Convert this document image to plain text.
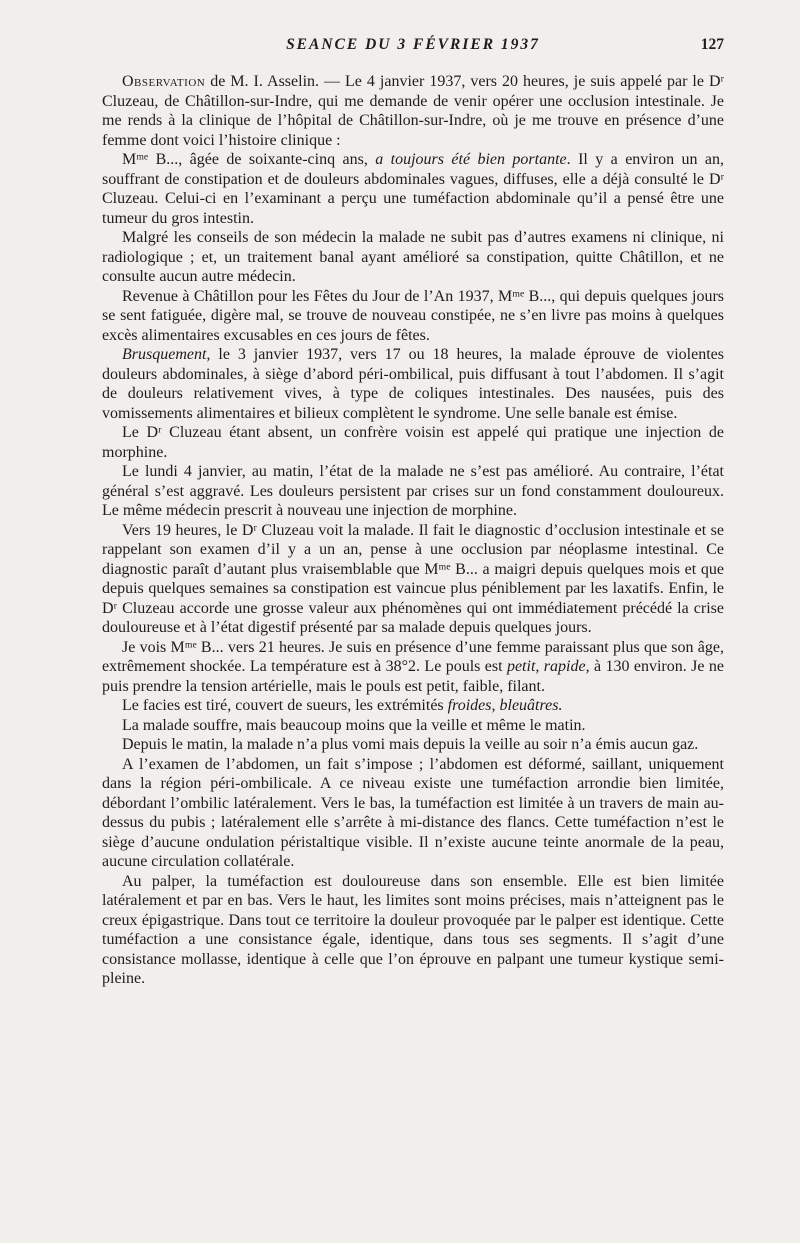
SEANCE DU 3 FÉVRIER 1937	127

Observation de M. I. Asselin. — Le 4 janvier 1937, vers 20 heures, je suis appelé par le Dʳ Cluzeau, de Châtillon-sur-Indre, qui me demande de venir opérer une occlusion intestinale. Je me rends à la clinique de l’hôpital de Châtillon-sur-Indre, où je me trouve en présence d’une femme dont voici l’histoire clinique :

Mᵐᵉ B..., âgée de soixante-cinq ans, a toujours été bien portante. Il y a environ un an, souffrant de constipation et de douleurs abdominales vagues, diffuses, elle a déjà consulté le Dʳ Cluzeau. Celui-ci en l’examinant a perçu une tuméfaction abdominale qu’il a pensé être une tumeur du gros intestin.

Malgré les conseils de son médecin la malade ne subit pas d’autres examens ni clinique, ni radiologique ; et, un traitement banal ayant amélioré sa constipation, quitte Châtillon, et ne consulte aucun autre médecin.

Revenue à Châtillon pour les Fêtes du Jour de l’An 1937, Mᵐᵉ B..., qui depuis quelques jours se sent fatiguée, digère mal, se trouve de nouveau constipée, ne s’en livre pas moins à quelques excès alimentaires excusables en ces jours de fêtes.

Brusquement, le 3 janvier 1937, vers 17 ou 18 heures, la malade éprouve de violentes douleurs abdominales, à siège d’abord péri-ombilical, puis diffusant à tout l’abdomen. Il s’agit de douleurs relativement vives, à type de coliques intestinales. Des nausées, puis des vomissements alimentaires et bilieux complètent le syndrome. Une selle banale est émise.

Le Dʳ Cluzeau étant absent, un confrère voisin est appelé qui pratique une injection de morphine.

Le lundi 4 janvier, au matin, l’état de la malade ne s’est pas amélioré. Au contraire, l’état général s’est aggravé. Les douleurs persistent par crises sur un fond constamment douloureux. Le même médecin prescrit à nouveau une injection de morphine.

Vers 19 heures, le Dʳ Cluzeau voit la malade. Il fait le diagnostic d’occlusion intestinale et se rappelant son examen d’il y a un an, pense à une occlusion par néoplasme intestinal. Ce diagnostic paraît d’autant plus vraisemblable que Mᵐᵉ B... a maigri depuis quelques mois et que depuis quelques semaines sa constipation est vaincue plus péniblement par les laxatifs. Enfin, le Dʳ Cluzeau accorde une grosse valeur aux phénomènes qui ont immédiatement précédé la crise douloureuse et à l’état digestif présenté par sa malade depuis quelques jours.

Je vois Mᵐᵉ B... vers 21 heures. Je suis en présence d’une femme paraissant plus que son âge, extrêmement shockée. La température est à 38°2. Le pouls est petit, rapide, à 130 environ. Je ne puis prendre la tension artérielle, mais le pouls est petit, faible, filant.

Le facies est tiré, couvert de sueurs, les extrémités froides, bleuâtres.

La malade souffre, mais beaucoup moins que la veille et même le matin.

Depuis le matin, la malade n’a plus vomi mais depuis la veille au soir n’a émis aucun gaz.

A l’examen de l’abdomen, un fait s’impose ; l’abdomen est déformé, saillant, uniquement dans la région péri-ombilicale. A ce niveau existe une tuméfaction arrondie bien limitée, débordant l’ombilic latéralement. Vers le bas, la tuméfaction est limitée à un travers de main au-dessus du pubis ; latéralement elle s’arrête à mi-distance des flancs. Cette tuméfaction n’est le siège d’aucune ondulation péristaltique visible. Il n’existe aucune teinte anormale de la peau, aucune circulation collatérale.

Au palper, la tuméfaction est douloureuse dans son ensemble. Elle est bien limitée latéralement et par en bas. Vers le haut, les limites sont moins précises, mais n’atteignent pas le creux épigastrique. Dans tout ce territoire la douleur provoquée par le palper est identique. Cette tuméfaction a une consistance égale, identique, dans tous ses segments. Il s’agit d’une consistance mollasse, identique à celle que l’on éprouve en palpant une tumeur kystique semi-pleine.
